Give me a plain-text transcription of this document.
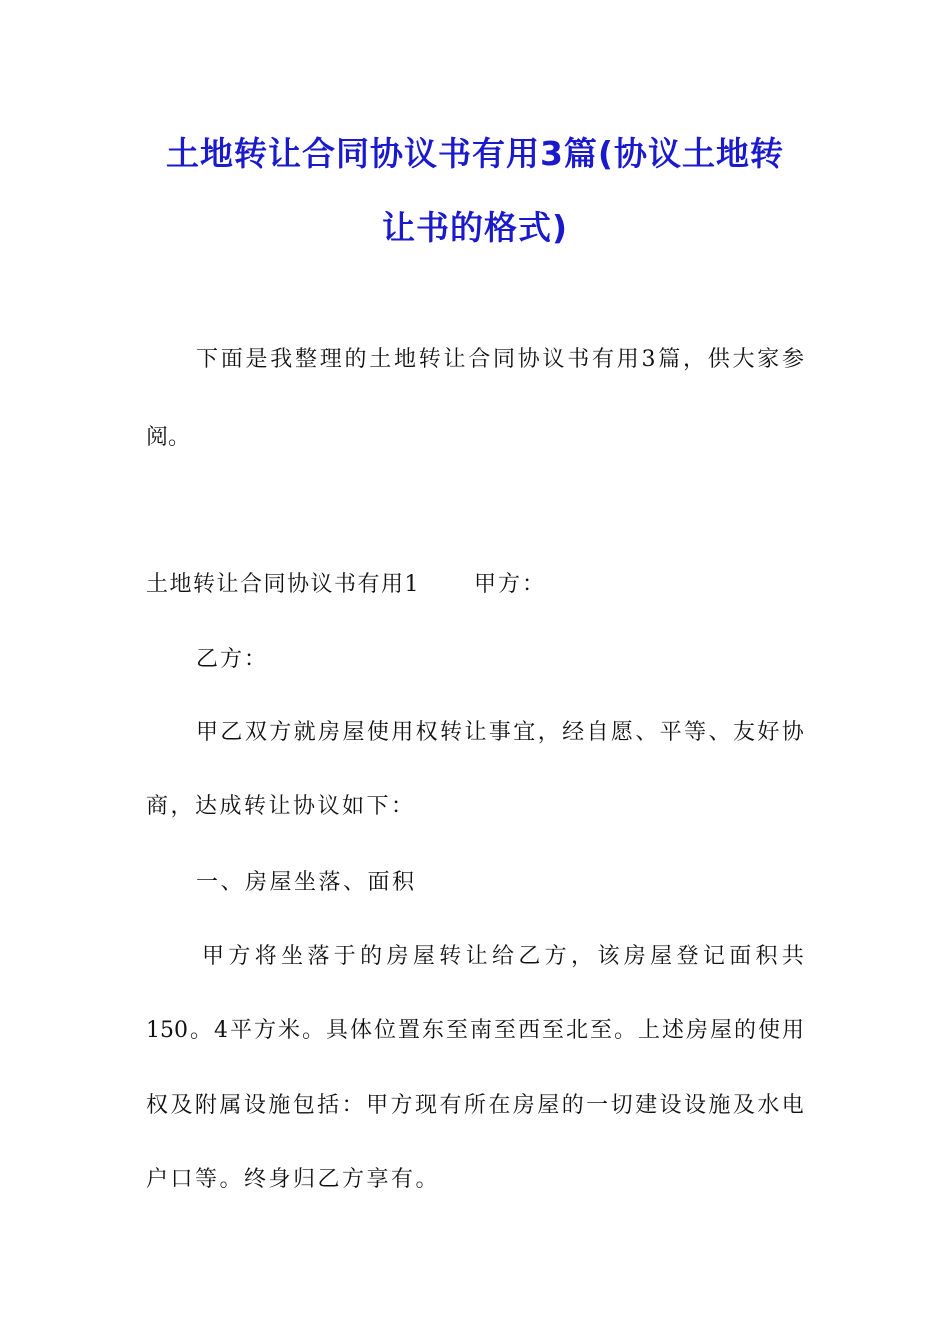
土地转让合同协议书有用3篇(协议土地转
让书的格式)
下 面 是 我 整 理 的 土 地 转 让 合 同 协 议 书 有 用 3 篇 ， 供 大 家 参
阅。
土地转让合同协议书有用1 甲方：
乙方：
甲 乙 双 方 就 房 屋 使 用 权 转 让 事 宜 ， 经 自 愿 、 平 等 、 友 好 协
商，达成转让协议如下：
一、房屋坐落、面积
甲 方 将 坐 落 于 的 房 屋 转 让 给 乙 方 ， 该 房 屋 登 记 面 积 共
150 。 4 平 方 米 。 具 体 位 置 东 至 南 至 西 至 北 至 。 上 述 房 屋 的 使 用
权 及 附 属 设 施 包 括 ： 甲 方 现 有 所 在 房 屋 的 一 切 建 设 设 施 及 水 电
户口等。终身归乙方享有。
